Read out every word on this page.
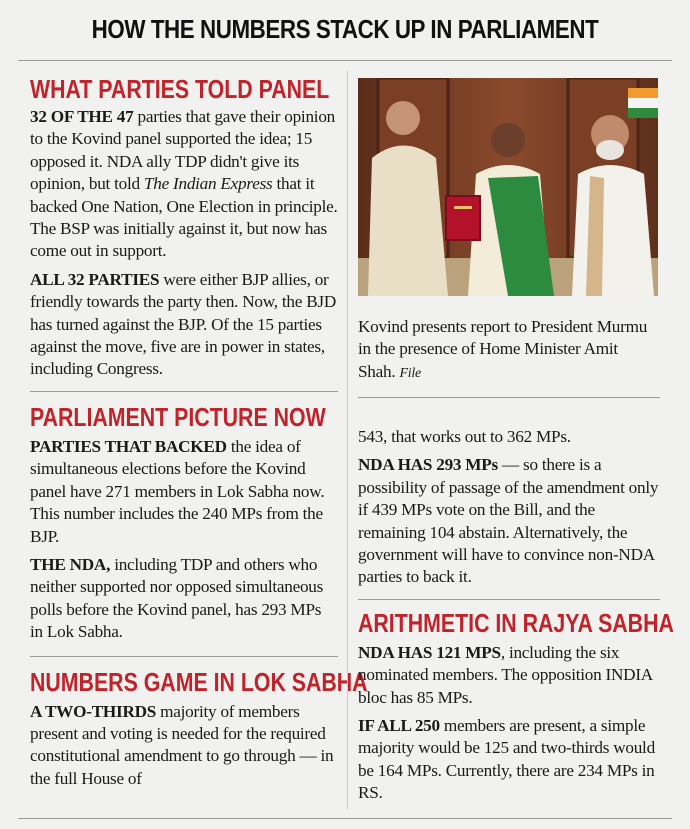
HOW THE NUMBERS STACK UP IN PARLIAMENT
WHAT PARTIES TOLD PANEL

32 OF THE 47 parties that gave their opinion to the Kovind panel supported the idea; 15 opposed it. NDA ally TDP didn't give its opinion, but told The Indian Express that it backed One Nation, One Election in principle. The BSP was initially against it, but now has come out in support.

ALL 32 PARTIES were either BJP allies, or friendly towards the party then. Now, the BJD has turned against the BJP. Of the 15 parties against the move, five are in power in states, including Congress.

PARLIAMENT PICTURE NOW

PARTIES THAT BACKED the idea of simultaneous elections before the Kovind panel have 271 members in Lok Sabha now. This number includes the 240 MPs from the BJP.

THE NDA, including TDP and others who neither supported nor opposed simultaneous polls before the Kovind panel, has 293 MPs in Lok Sabha.

NUMBERS GAME IN LOK SABHA

A TWO-THIRDS majority of members present and voting is needed for the required constitutional amendment to go through — in the full House of

Kovind presents report to President Murmu in the presence of Home Minister Amit Shah. File

543, that works out to 362 MPs.

NDA HAS 293 MPs — so there is a possibility of passage of the amendment only if 439 MPs vote on the Bill, and the remaining 104 abstain. Alternatively, the government will have to convince non-NDA parties to back it.

ARITHMETIC IN RAJYA SABHA

NDA HAS 121 MPS, including the six nominated members. The opposition INDIA bloc has 85 MPs.

IF ALL 250 members are present, a simple majority would be 125 and two-thirds would be 164 MPs. Currently, there are 234 MPs in RS.
